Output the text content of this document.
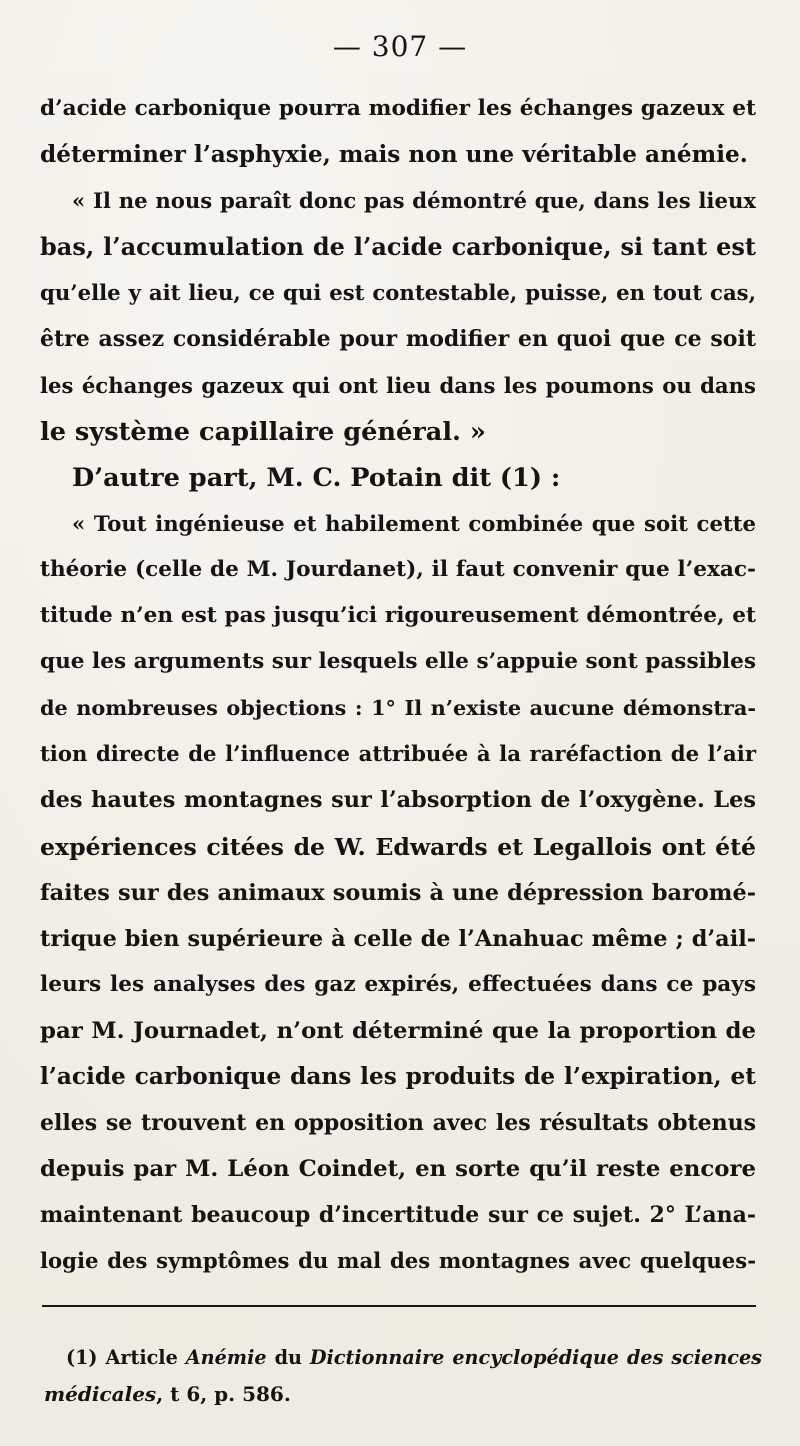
— 307 —
d’acide carbonique pourra modifier les échanges gazeux et
déterminer l’asphyxie, mais non une véritable anémie.
« Il ne nous paraît donc pas démontré que, dans les lieux
bas, l’accumulation de l’acide carbonique, si tant est
qu’elle y ait lieu, ce qui est contestable, puisse, en tout cas,
être assez considérable pour modifier en quoi que ce soit
les échanges gazeux qui ont lieu dans les poumons ou dans
le système capillaire général. »
D’autre part, M. C. Potain dit (1) :
« Tout ingénieuse et habilement combinée que soit cette
théorie (celle de M. Jourdanet), il faut convenir que l’exac-
titude n’en est pas jusqu’ici rigoureusement démontrée, et
que les arguments sur lesquels elle s’appuie sont passibles
de nombreuses objections : 1° Il n’existe aucune démonstra-
tion directe de l’influence attribuée à la raréfaction de l’air
des hautes montagnes sur l’absorption de l’oxygène. Les
expériences citées de W. Edwards et Legallois ont été
faites sur des animaux soumis à une dépression baromé-
trique bien supérieure à celle de l’Anahuac même ; d’ail-
leurs les analyses des gaz expirés, effectuées dans ce pays
par M. Journadet, n’ont déterminé que la proportion de
l’acide carbonique dans les produits de l’expiration, et
elles se trouvent en opposition avec les résultats obtenus
depuis par M. Léon Coindet, en sorte qu’il reste encore
maintenant beaucoup d’incertitude sur ce sujet. 2° L’ana-
logie des symptômes du mal des montagnes avec quelques-
(1) Article Anémie du Dictionnaire encyclopédique des sciences
médicales, t 6, p. 586.
